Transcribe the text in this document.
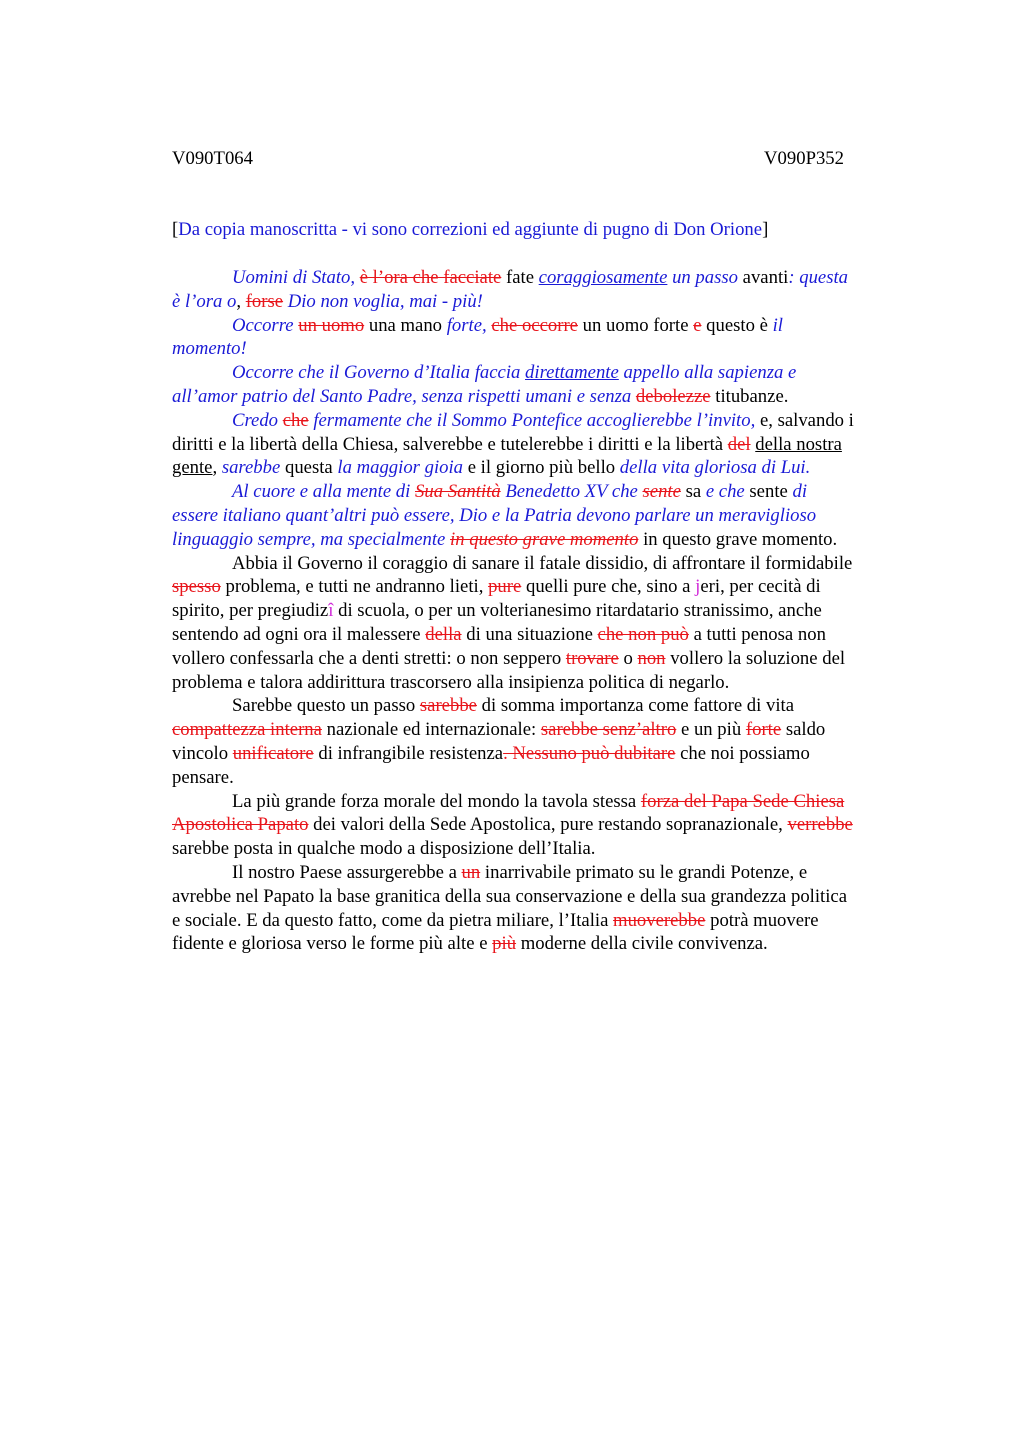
V090T064	V090P352
[Da copia manoscritta - vi sono correzioni ed aggiunte di pugno di Don Orione]

Uomini di Stato, è l’ora che facciate fate coraggiosamente un passo avanti: questa
è l’ora o, forse Dio non voglia, mai - più!

Occorre un uomo una mano forte, che occorre un uomo forte e questo è il
momento!

Occorre che il Governo d’Italia faccia direttamente appello alla sapienza e
all’amor patrio del Santo Padre, senza rispetti umani e senza debolezze titubanze.

Credo che fermamente che il Sommo Pontefice accoglierebbe l’invito, e, salvando i
diritti e la libertà della Chiesa, salverebbe e tutelerebbe i diritti e la libertà del della nostra
gente, sarebbe questa la maggior gioia e il giorno più bello della vita gloriosa di Lui.

Al cuore e alla mente di Sua Santità Benedetto XV che sente sa e che sente di
essere italiano quant’altri può essere, Dio e la Patria devono parlare un meraviglioso
linguaggio sempre, ma specialmente in questo grave momento in questo grave momento.

Abbia il Governo il coraggio di sanare il fatale dissidio, di affrontare il formidabile
spesso problema, e tutti ne andranno lieti, pure quelli pure che, sino a jeri, per cecità di
spirito, per pregiudizî di scuola, o per un volterianesimo ritardatario stranissimo, anche
sentendo ad ogni ora il malessere della di una situazione che non può a tutti penosa non
vollero confessarla che a denti stretti: o non seppero trovare o non vollero la soluzione del
problema e talora addirittura trascorsero alla insipienza politica di negarlo.

Sarebbe questo un passo sarebbe di somma importanza come fattore di vita
compattezza interna nazionale ed internazionale: sarebbe senz’altro e un più forte saldo
vincolo unificatore di infrangibile resistenza. Nessuno può dubitare che noi possiamo
pensare.

La più grande forza morale del mondo la tavola stessa forza del Papa Sede Chiesa
Apostolica Papato dei valori della Sede Apostolica, pure restando sopranazionale, verrebbe
sarebbe posta in qualche modo a disposizione dell’Italia.

Il nostro Paese assurgerebbe a un inarrivabile primato su le grandi Potenze, e
avrebbe nel Papato la base granitica della sua conservazione e della sua grandezza politica
e sociale. E da questo fatto, come da pietra miliare, l’Italia muoverebbe potrà muovere
fidente e gloriosa verso le forme più alte e più moderne della civile convivenza.
